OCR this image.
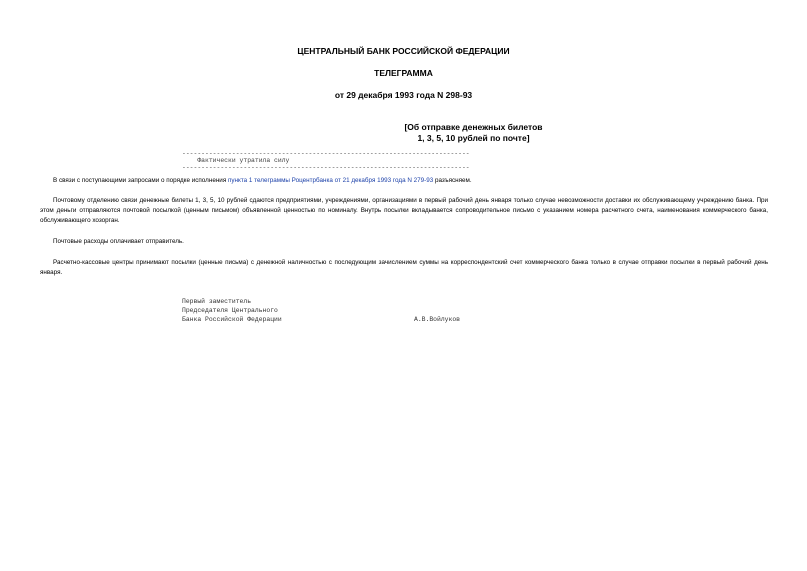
ЦЕНТРАЛЬНЫЙ БАНК РОССИЙСКОЙ ФЕДЕРАЦИИ
ТЕЛЕГРАММА
от 29 декабря 1993 года N 298-93
[Об отправке денежных билетов
1, 3, 5, 10 рублей по почте]
---------------------------------------------------------------------------
Фактически утратила силу
---------------------------------------------------------------------------
В связи с поступающими запросами о порядке исполнения пункта 1 телеграммы Роцентрбанка от 21 декабря 1993 года N 279-93 разъясняем.
Почтовому отделению связи денежные билеты 1, 3, 5, 10 рублей сдаются предприятиями, учреждениями, организациями в первый рабочий день января только случае невозможности доставки их обслуживающему учреждению банка. При этом деньги отправляются почтовой посылкой (ценным письмом) объявленной ценностью по номиналу. Внутрь посылки вкладывается сопроводительное письмо с указанием номера расчетного счета, наименования коммерческого банка, обслуживающего хозорган.
Почтовые расходы оплачивает отправитель.
Расчетно-кассовые центры принимают посылки (ценные письма) с денежной наличностью с последующим зачислением суммы на корреспондентский счет коммерческого банка только в случае отправки посылки в первый рабочий день января.
Первый заместитель
Председателя Центрального
Банка Российской Федерации	А.В.Войлуков
